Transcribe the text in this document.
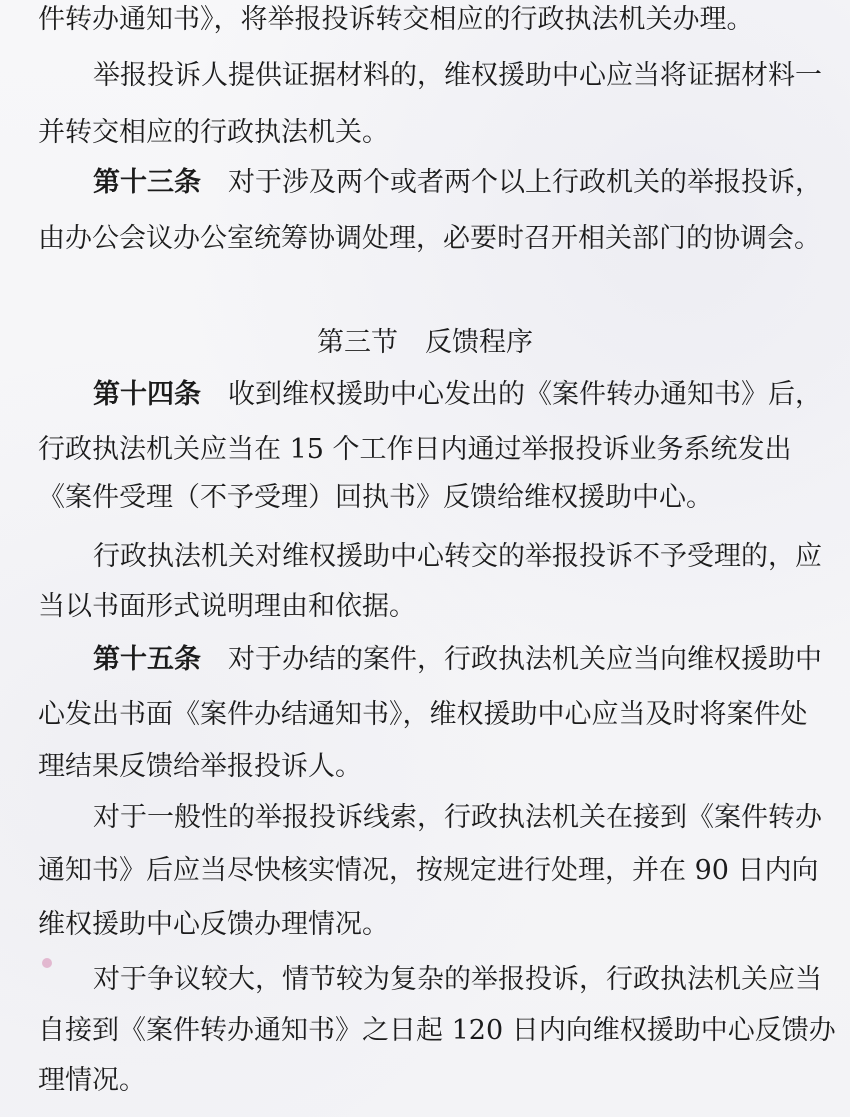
件转办通知书》，将举报投诉转交相应的行政执法机关办理。
举报投诉人提供证据材料的，维权援助中心应当将证据材料一
并转交相应的行政执法机关。
第十三条　对于涉及两个或者两个以上行政机关的举报投诉，
由办公会议办公室统筹协调处理，必要时召开相关部门的协调会。
第三节　反馈程序
第十四条　收到维权援助中心发出的《案件转办通知书》后，
行政执法机关应当在 15 个工作日内通过举报投诉业务系统发出
《案件受理（不予受理）回执书》反馈给维权援助中心。
行政执法机关对维权援助中心转交的举报投诉不予受理的，应
当以书面形式说明理由和依据。
第十五条　对于办结的案件，行政执法机关应当向维权援助中
心发出书面《案件办结通知书》，维权援助中心应当及时将案件处
理结果反馈给举报投诉人。
对于一般性的举报投诉线索，行政执法机关在接到《案件转办
通知书》后应当尽快核实情况，按规定进行处理，并在 90 日内向
维权援助中心反馈办理情况。
对于争议较大，情节较为复杂的举报投诉，行政执法机关应当
自接到《案件转办通知书》之日起 120 日内向维权援助中心反馈办
理情况。
